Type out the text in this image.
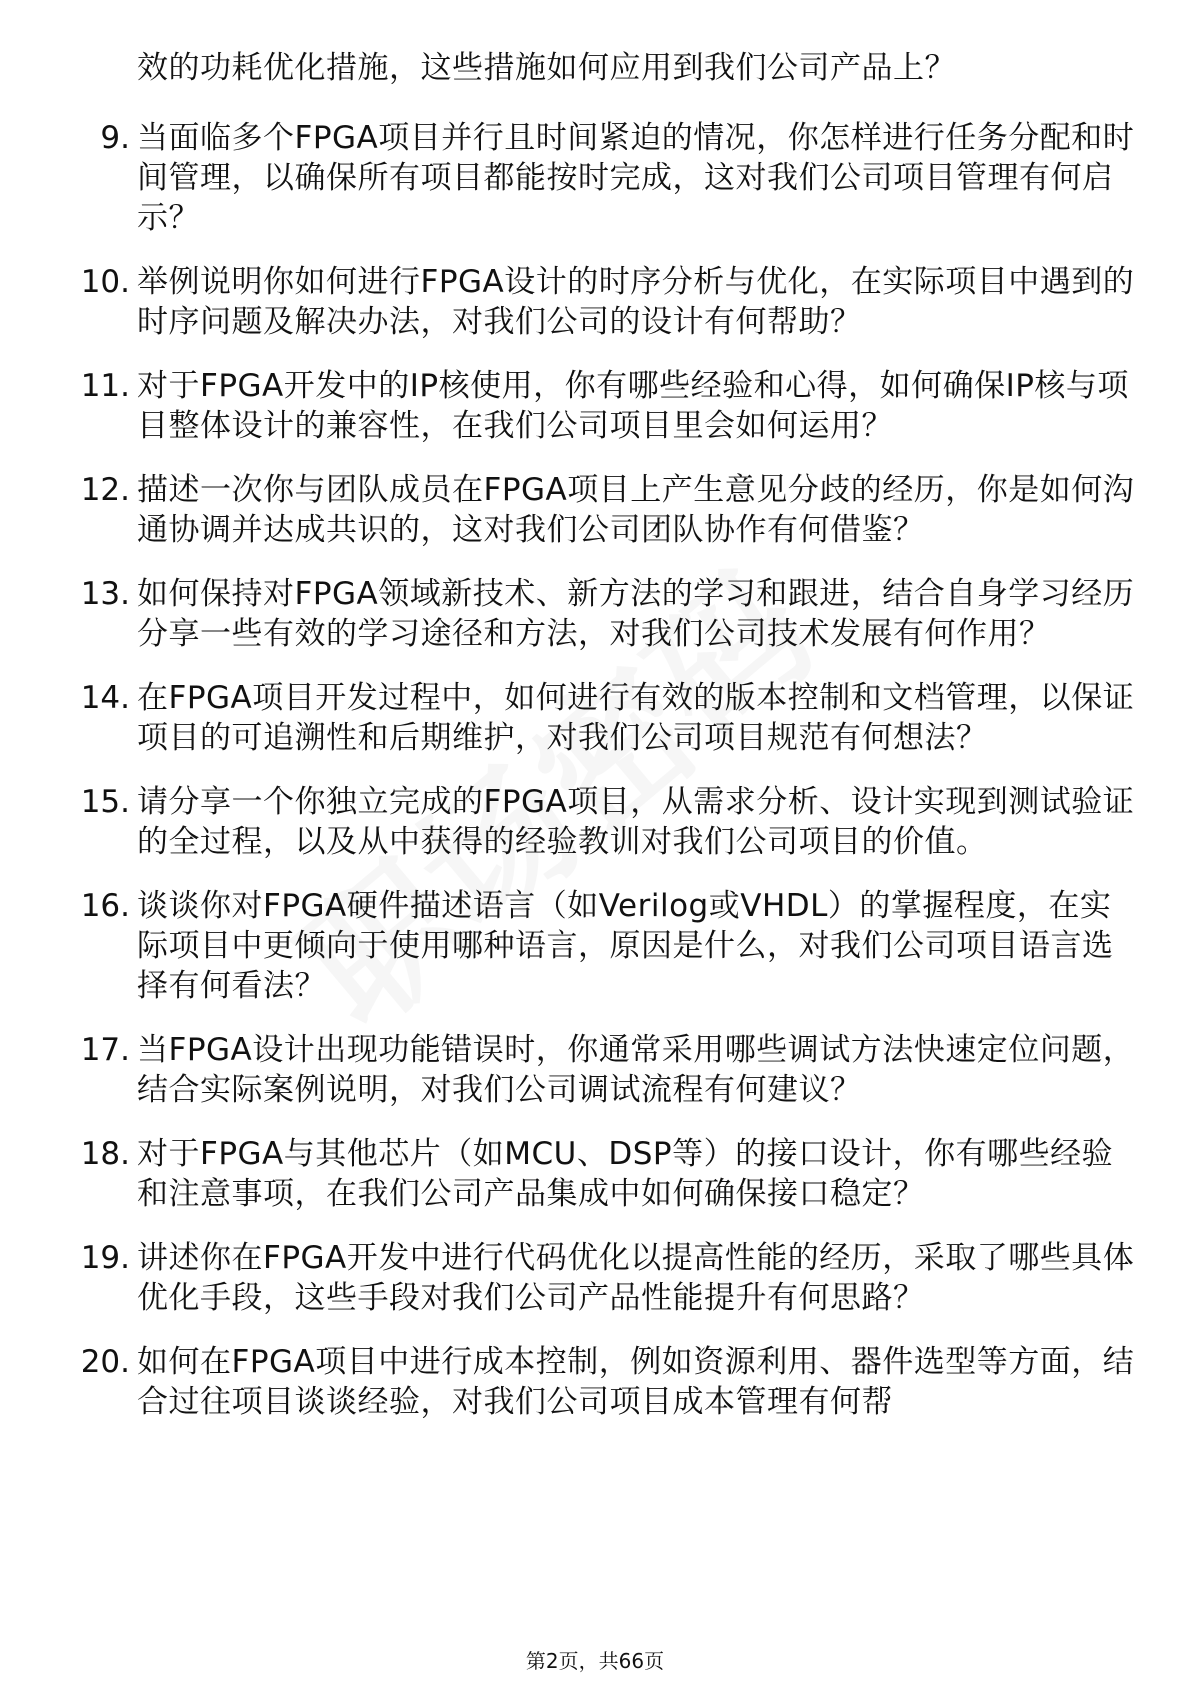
效的功耗优化措施，这些措施如何应用到我们公司产品上？
9. 当面临多个FPGA项目并行且时间紧迫的情况，你怎样进行任务分配和时间管理，以确保所有项目都能按时完成，这对我们公司项目管理有何启示？
10. 举例说明你如何进行FPGA设计的时序分析与优化，在实际项目中遇到的时序问题及解决办法，对我们公司的设计有何帮助？
11. 对于FPGA开发中的IP核使用，你有哪些经验和心得，如何确保IP核与项目整体设计的兼容性，在我们公司项目里会如何运用？
12. 描述一次你与团队成员在FPGA项目上产生意见分歧的经历，你是如何沟通协调并达成共识的，这对我们公司团队协作有何借鉴？
13. 如何保持对FPGA领域新技术、新方法的学习和跟进，结合自身学习经历分享一些有效的学习途径和方法，对我们公司技术发展有何作用？
14. 在FPGA项目开发过程中，如何进行有效的版本控制和文档管理，以保证项目的可追溯性和后期维护，对我们公司项目规范有何想法？
15. 请分享一个你独立完成的FPGA项目，从需求分析、设计实现到测试验证的全过程，以及从中获得的经验教训对我们公司项目的价值。
16. 谈谈你对FPGA硬件描述语言（如Verilog或VHDL）的掌握程度，在实际项目中更倾向于使用哪种语言，原因是什么，对我们公司项目语言选择有何看法？
17. 当FPGA设计出现功能错误时，你通常采用哪些调试方法快速定位问题，结合实际案例说明，对我们公司调试流程有何建议？
18. 对于FPGA与其他芯片（如MCU、DSP等）的接口设计，你有哪些经验和注意事项，在我们公司产品集成中如何确保接口稳定？
19. 讲述你在FPGA开发中进行代码优化以提高性能的经历，采取了哪些具体优化手段，这些手段对我们公司产品性能提升有何思路？
20. 如何在FPGA项目中进行成本控制，例如资源利用、器件选型等方面，结合过往项目谈谈经验，对我们公司项目成本管理有何帮
第2页，共66页
